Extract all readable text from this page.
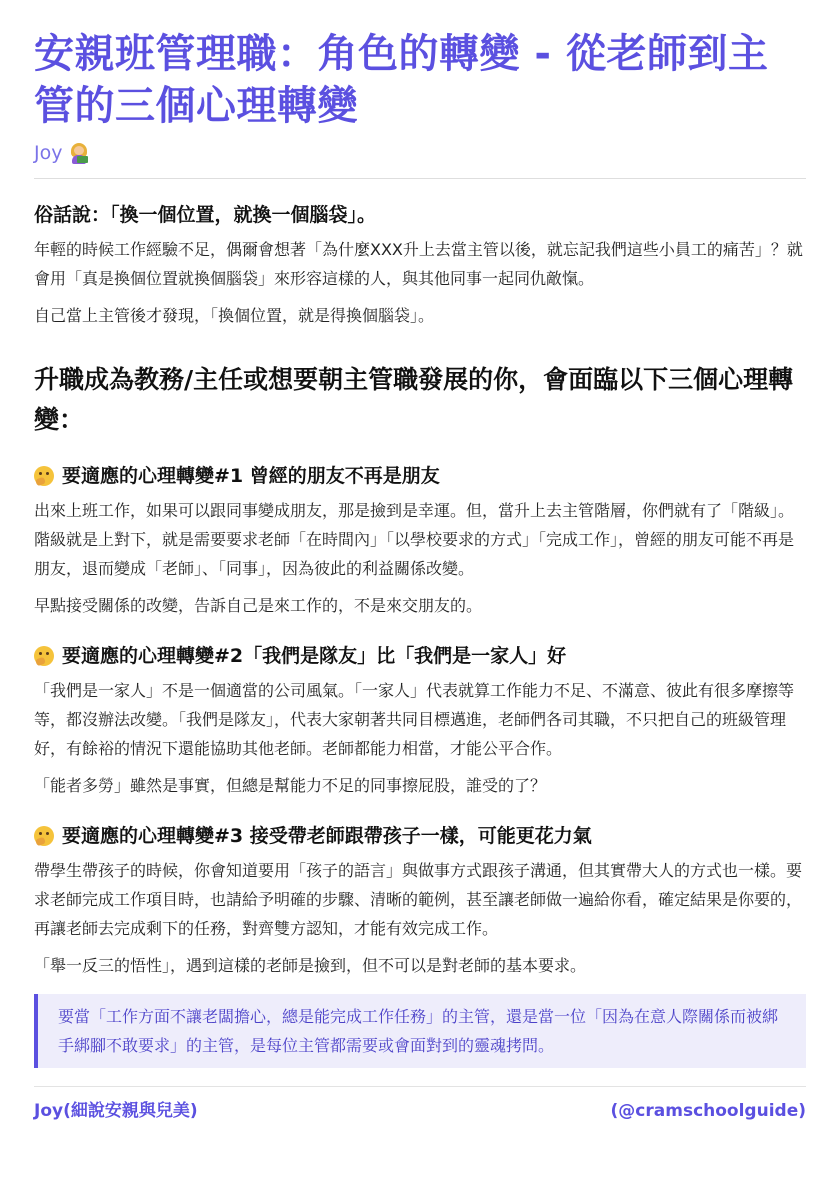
安親班管理職：角色的轉變 - 從老師到主管的三個心理轉變
Joy
俗話說：「換一個位置，就換一個腦袋」。

年輕的時候工作經驗不足，偶爾會想著「為什麼XXX升上去當主管以後，就忘記我們這些小員工的痛苦」？就會用「真是換個位置就換個腦袋」來形容這樣的人，與其他同事一起同仇敵愾。

自己當上主管後才發現，「換個位置，就是得換個腦袋」。

升職成為教務/主任或想要朝主管職發展的你，會面臨以下三個心理轉變：
要適應的心理轉變#1 曾經的朋友不再是朋友

出來上班工作，如果可以跟同事變成朋友，那是撿到是幸運。但，當升上去主管階層，你們就有了「階級」。階級就是上對下，就是需要要求老師「在時間內」「以學校要求的方式」「完成工作」，曾經的朋友可能不再是朋友，退而變成「老師」、「同事」，因為彼此的利益關係改變。

早點接受關係的改變，告訴自己是來工作的，不是來交朋友的。

要適應的心理轉變#2「我們是隊友」比「我們是一家人」好

「我們是一家人」不是一個適當的公司風氣。「一家人」代表就算工作能力不足、不滿意、彼此有很多摩擦等等，都沒辦法改變。「我們是隊友」，代表大家朝著共同目標邁進，老師們各司其職，不只把自己的班級管理好，有餘裕的情況下還能協助其他老師。老師都能力相當，才能公平合作。

「能者多勞」雖然是事實，但總是幫能力不足的同事擦屁股，誰受的了？

要適應的心理轉變#3 接受帶老師跟帶孩子一樣，可能更花力氣

帶學生帶孩子的時候，你會知道要用「孩子的語言」與做事方式跟孩子溝通，但其實帶大人的方式也一樣。要求老師完成工作項目時，也請給予明確的步驟、清晰的範例，甚至讓老師做一遍給你看，確定結果是你要的，再讓老師去完成剩下的任務，對齊雙方認知，才能有效完成工作。

「舉一反三的悟性」，遇到這樣的老師是撿到，但不可以是對老師的基本要求。

要當「工作方面不讓老闆擔心，總是能完成工作任務」的主管，還是當一位「因為在意人際關係而被綁手綁腳不敢要求」的主管，是每位主管都需要或會面對到的靈魂拷問。
Joy(細說安親與兒美)	(@cramschoolguide)
